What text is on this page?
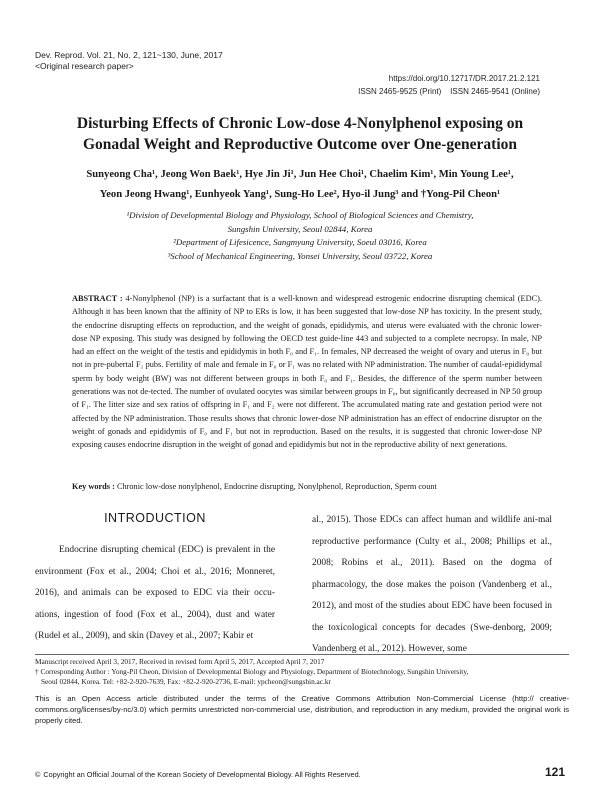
Dev. Reprod. Vol. 21, No. 2, 121~130, June, 2017
<Original research paper>
https://doi.org/10.12717/DR.2017.21.2.121
ISSN 2465-9525 (Print)    ISSN 2465-9541 (Online)
Disturbing Effects of Chronic Low-dose 4-Nonylphenol exposing on
Gonadal Weight and Reproductive Outcome over One-generation
Sunyeong Cha¹, Jeong Won Baek¹, Hye Jin Ji¹, Jun Hee Choi¹, Chaelim Kim¹, Min Young Lee¹,
Yeon Jeong Hwang¹, Eunhyeok Yang¹, Sung-Ho Lee², Hyo-il Jung³ and †Yong-Pil Cheon¹
¹Division of Developmental Biology and Physiology, School of Biological Sciences and Chemistry,
Sungshin University, Seoul 02844, Korea
²Department of Lifesicence, Sangmyung University, Soeul 03016, Korea
³School of Mechanical Engineering, Yonsei University, Seoul 03722, Korea

ABSTRACT : 4-Nonylphenol (NP) is a surfactant that is a well-known and widespread estrogenic endocrine disrupting chemical (EDC). Although it has been known that the affinity of NP to ERs is low, it has been suggested that low-dose NP has toxicity. In the present study, the endocrine disrupting effects on reproduction, and the weight of gonads, epididymis, and uterus were evaluated with the chronic lower-dose NP exposing. This study was designed by following the OECD test guide-line 443 and subjected to a complete necropsy. In male, NP had an effect on the weight of the testis and epididymis in both F₀ and F₁. In females, NP decreased the weight of ovary and uterus in F₀ but not in pre-pubertal F₁ pubs. Fertility of male and female in F₀ or F₁ was no related with NP administration. The number of caudal-epididymal sperm by body weight (BW) was not different between groups in both F₀ and F₁. Besides, the difference of the sperm number between generations was not de-tected. The number of ovulated oocytes was similar between groups in F₀, but significantly decreased in NP 50 group of F₁. The litter size and sex ratios of offspring in F₁ and F₂ were not different. The accumulated mating rate and gestation period were not affected by the NP administration. Those results shows that chronic lower-dose NP administration has an effect of endocrine disruptor on the weight of gonads and epididymis of F₀ and F₁ but not in reproduction. Based on the results, it is suggested that chronic lower-dose NP exposing causes endocrine disruption in the weight of gonad and epididymis but not in the reproductive ability of next generations.

Key words : Chronic low-dose nonylphenol, Endocrine disrupting, Nonylphenol, Reproduction, Sperm count
INTRODUCTION

Endocrine disrupting chemical (EDC) is prevalent in the environment (Fox et al., 2004; Choi et al., 2016; Monneret, 2016), and animals can be exposed to EDC via their occu-ations, ingestion of food (Fox et al., 2004), dust and water (Rudel et al., 2009), and skin (Davey et al., 2007; Kabir et

al., 2015). Those EDCs can affect human and wildlife ani-mal reproductive performance (Culty et al., 2008; Phillips et al., 2008; Robins et al., 2011). Based on the dogma of pharmacology, the dose makes the poison (Vandenberg et al., 2012), and most of the studies about EDC have been focused in the toxicological concepts for decades (Swe-denborg, 2009; Vandenberg et al., 2012). However, some

Manuscript received April 3, 2017, Received in revised form April 5, 2017, Accepted April 7, 2017
† Corresponding Author : Yong-Pil Cheon, Division of Developmental Biology and Physiology, Department of Biotechnology, Sungshin University,
Seoul 02844, Korea. Tel: +82-2-920-7639, Fax: +82-2-920-2736, E-mail: ypcheon@sungshin.ac.kr
This is an Open Access article distributed under the terms of the Creative Commons Attribution Non-Commercial License (http:// creative-commons.org/licenses/by-nc/3.0) which permits unrestricted non-commercial use, distribution, and reproduction in any medium, provided the original work is properly cited.
© Copyright an Official Journal of the Korean Society of Developmental Biology. All Rights Reserved.	121
